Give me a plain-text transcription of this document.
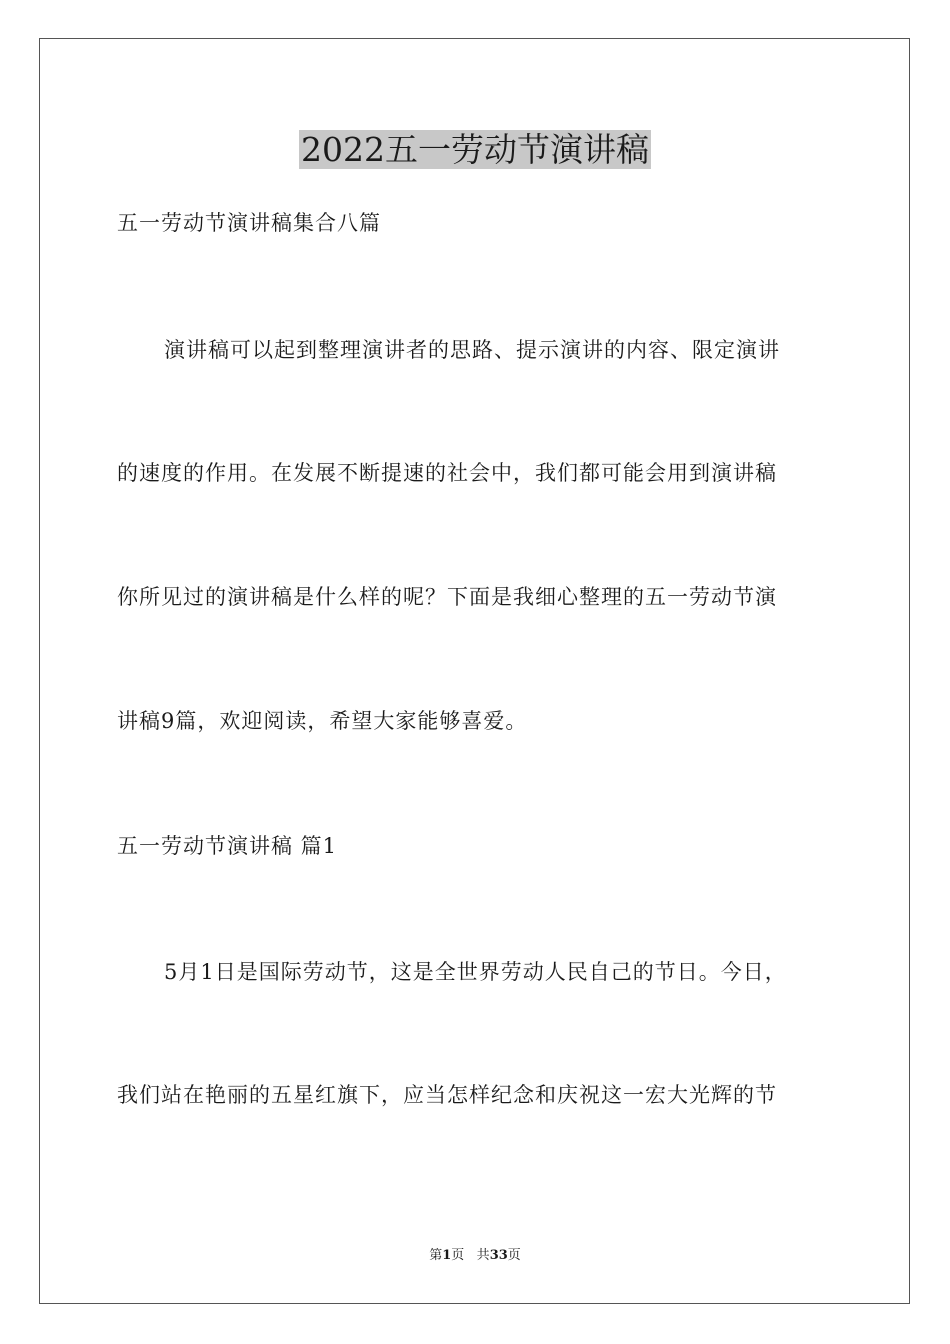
2022五一劳动节演讲稿
五一劳动节演讲稿集合八篇
演讲稿可以起到整理演讲者的思路、提示演讲的内容、限定演讲
的速度的作用。在发展不断提速的社会中，我们都可能会用到演讲稿
你所见过的演讲稿是什么样的呢？下面是我细心整理的五一劳动节演
讲稿9篇，欢迎阅读，希望大家能够喜爱。
五一劳动节演讲稿 篇1
5月1日是国际劳动节，这是全世界劳动人民自己的节日。今日，
我们站在艳丽的五星红旗下，应当怎样纪念和庆祝这一宏大光辉的节
第1页 共33页
